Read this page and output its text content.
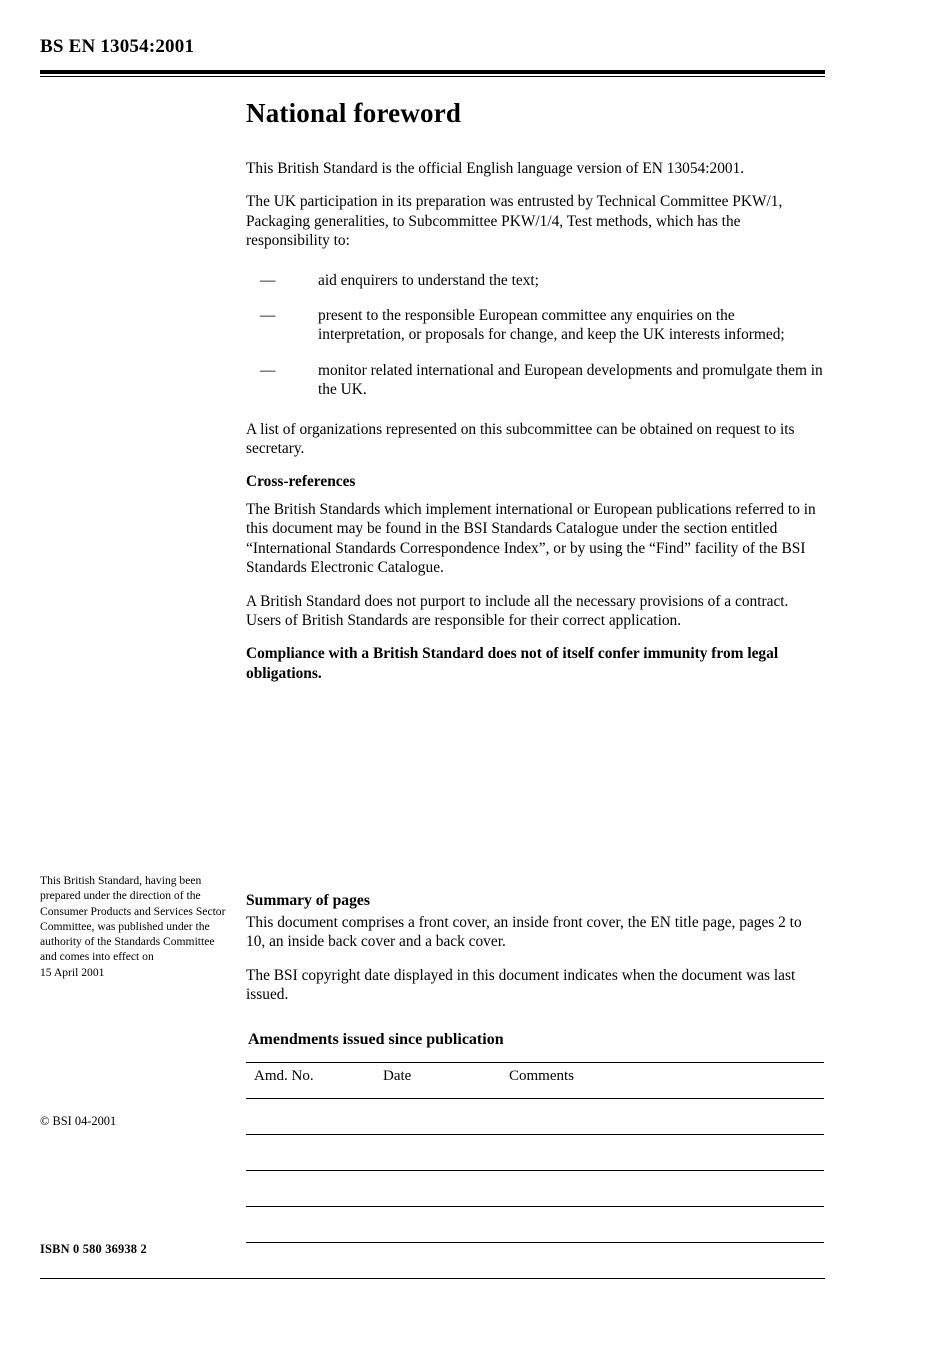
BS EN 13054:2001
National foreword

This British Standard is the official English language version of EN 13054:2001.

The UK participation in its preparation was entrusted by Technical Committee PKW/1, Packaging generalities, to Subcommittee PKW/1/4, Test methods, which has the responsibility to:

—	aid enquirers to understand the text;
—	present to the responsible European committee any enquiries on the interpretation, or proposals for change, and keep the UK interests informed;
—	monitor related international and European developments and promulgate them in the UK.

A list of organizations represented on this subcommittee can be obtained on request to its secretary.

Cross-references

The British Standards which implement international or European publications referred to in this document may be found in the BSI Standards Catalogue under the section entitled “International Standards Correspondence Index”, or by using the “Find” facility of the BSI Standards Electronic Catalogue.

A British Standard does not purport to include all the necessary provisions of a contract. Users of British Standards are responsible for their correct application.

Compliance with a British Standard does not of itself confer immunity from legal obligations.

This British Standard, having been prepared under the direction of the Consumer Products and Services Sector Committee, was published under the authority of the Standards Committee and comes into effect on
15 April 2001
© BSI 04-2001
ISBN 0 580 36938 2
Summary of pages

This document comprises a front cover, an inside front cover, the EN title page, pages 2 to 10, an inside back cover and a back cover.

The BSI copyright date displayed in this document indicates when the document was last issued.

Amendments issued since publication
Amd. No.	Date	Comments
